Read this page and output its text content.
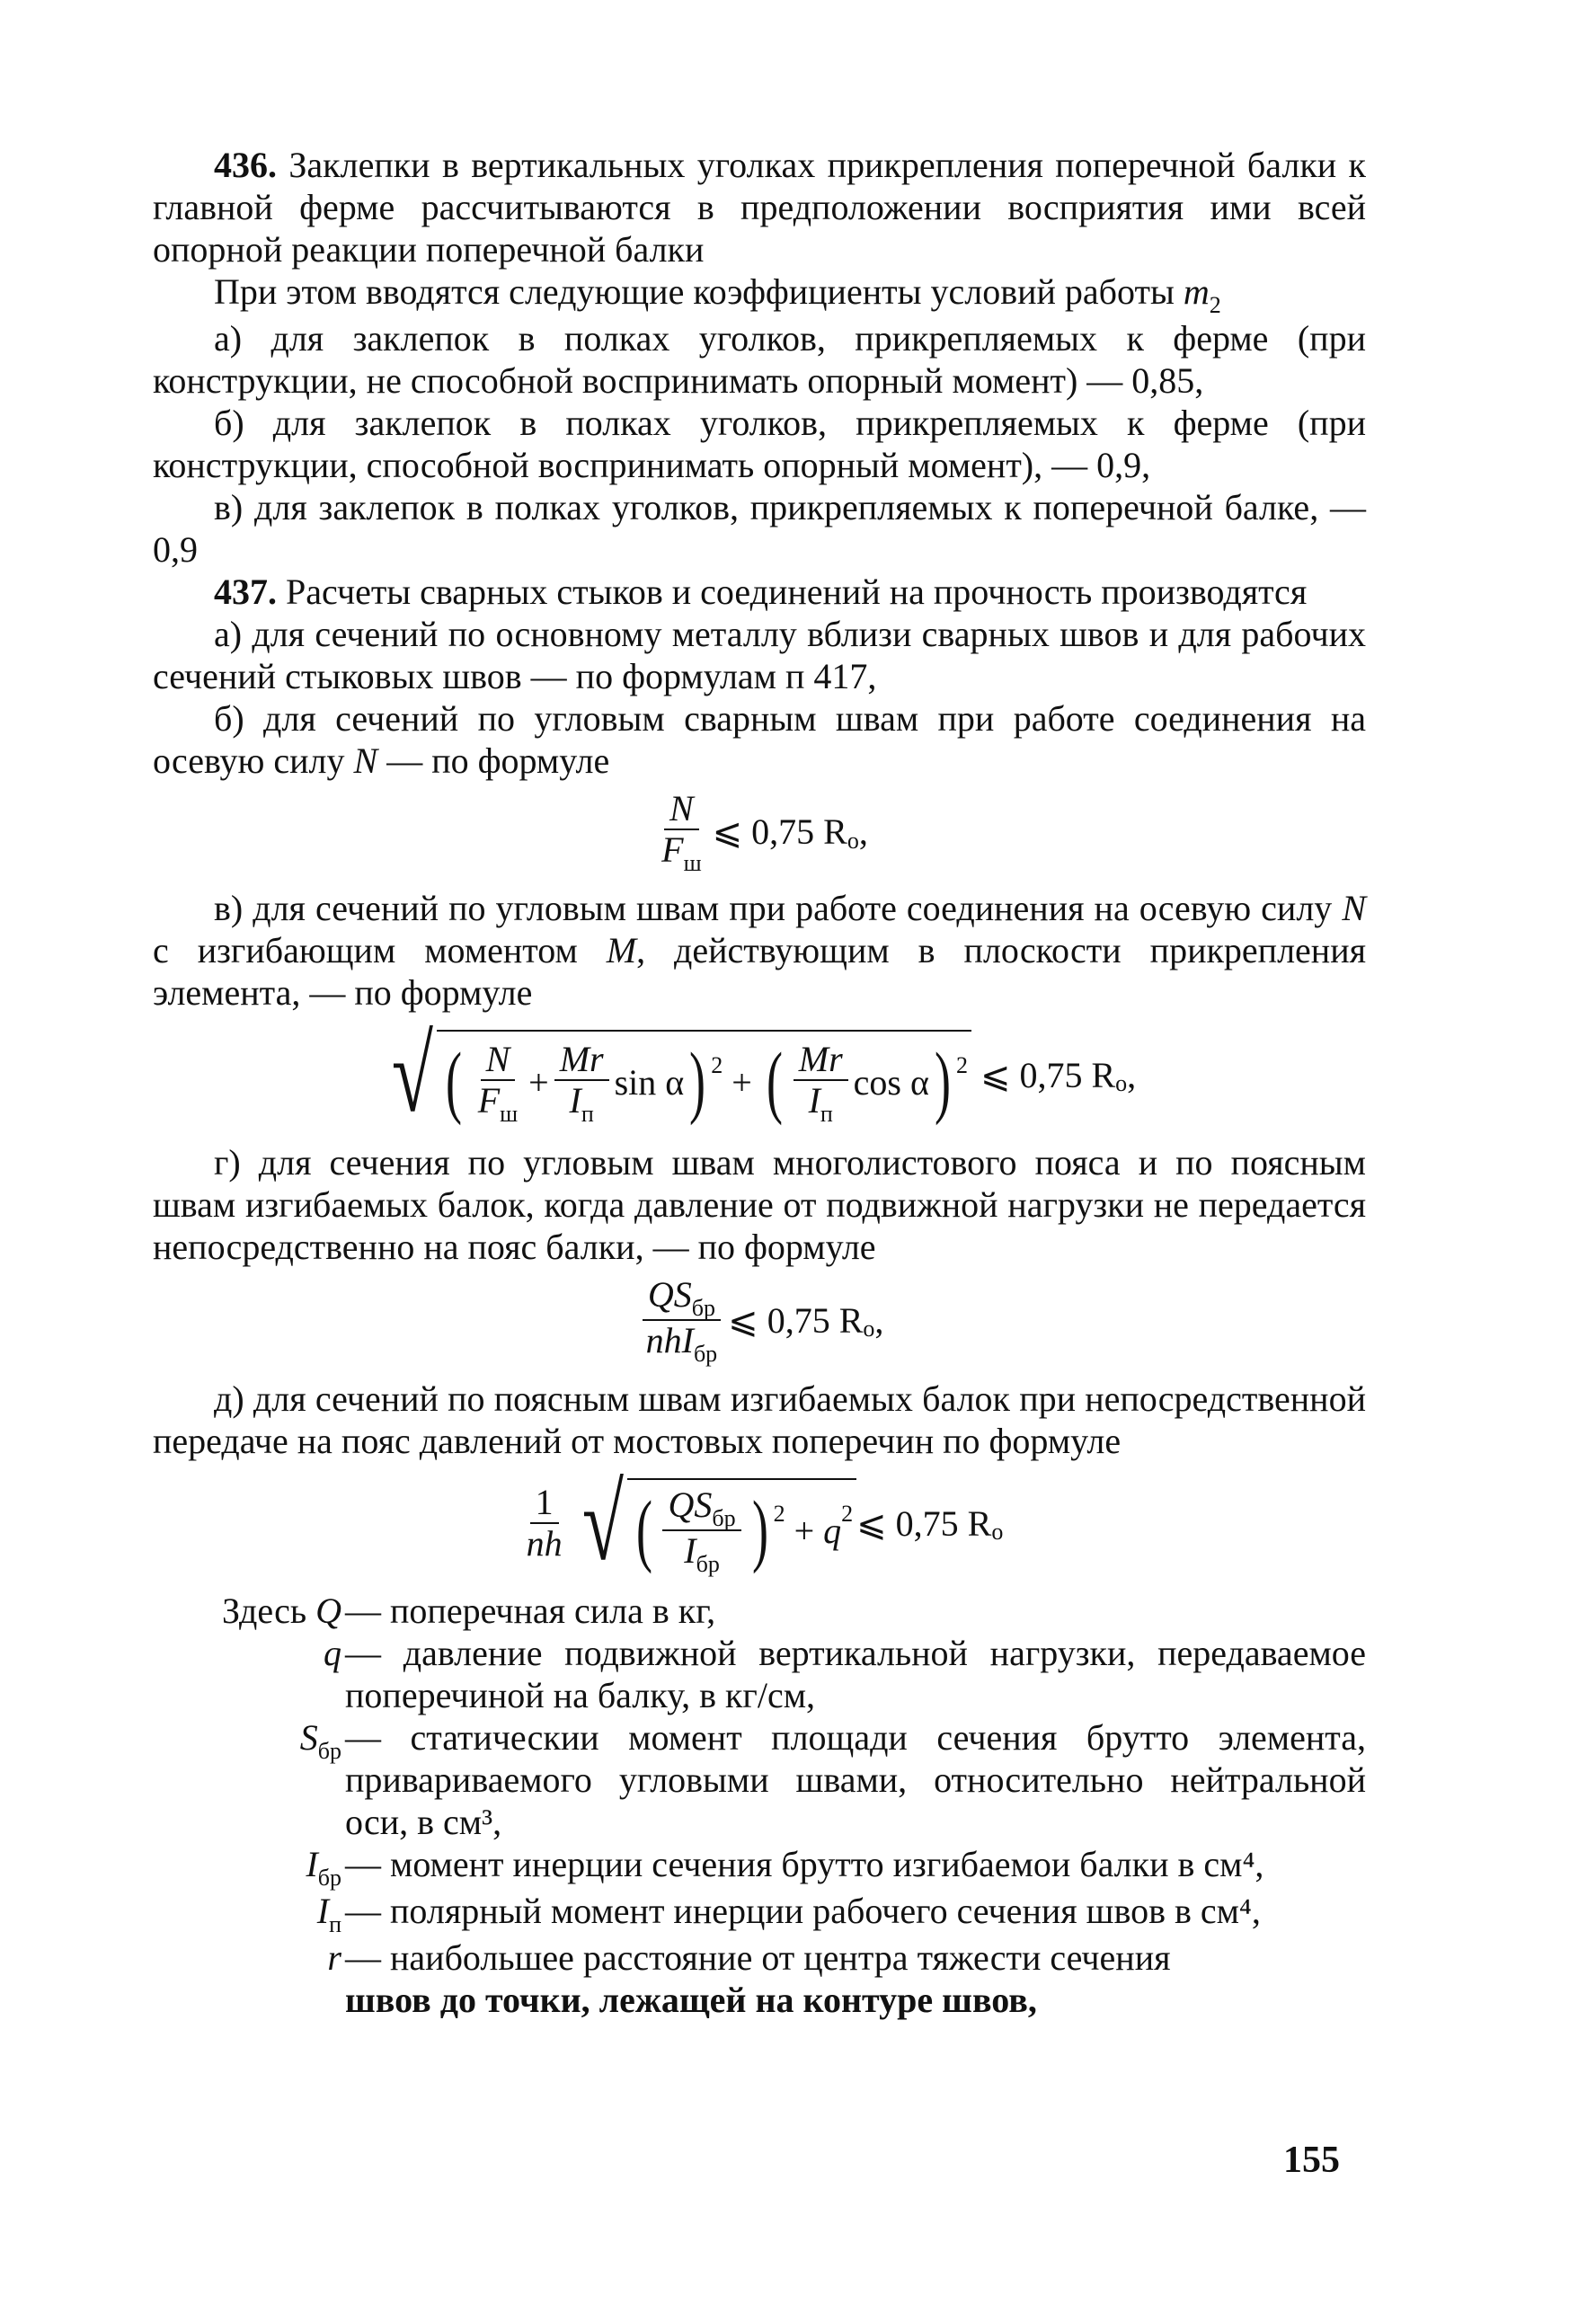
436. Заклепки в вертикальных уголках прикрепления поперечной балки к главной ферме рассчитываются в предположении восприятия ими всей опорной реакции поперечной балки

При этом вводятся следующие коэффициенты условий работы $m_2$

а) для заклепок в полках уголков, прикрепляемых к ферме (при конструкции, не способной воспринимать опорный момент) — 0,85,

б) для заклепок в полках уголков, прикрепляемых к ферме (при конструкции, способной воспринимать опорный момент), — 0,9,

в) для заклепок в полках уголков, прикрепляемых к поперечной балке, — 0,9

437. Расчеты сварных стыков и соединений на прочность производятся

а) для сечений по основному металлу вблизи сварных швов и для рабочих сечений стыковых швов — по формулам п 417,

б) для сечений по угловым сварным швам при работе соединения на осевую силу N — по формуле

$\frac{N}{F_ш}$ ⩽
0,75 R о ,

в) для сечений по угловым швам при работе соединения на осевую силу N с изгибающим моментом M, действующим в плоскости прикрепления элемента, — по формуле

√ ( $\frac{N}{F_ш} + \frac{Mr}{I_п}$ sin α ) 2
+
( $\frac{Mr}{I_п}$ cos α ) 2
⩽
0,75 R о ,

г) для сечения по угловым швам многолистового пояса и по поясным швам изгибаемых балок, когда давление от подвижной нагрузки не передается непосредственно на пояс балки, — по формуле

$\frac{QS_{бр}}{nhI_{бр}}$ ⩽
0,75 R о ,

д) для сечений по поясным швам изгибаемых балок при непосредственной передаче на пояс давлений от мостовых поперечин по формуле

$\frac{1}{nh}$ √ ( $\frac{QS_{бр}}{I_{бр}}$ ) 2
+
q 2 ⩽
0,75 R о
Здесь Q — поперечная сила в кг,
q — давление подвижной вертикальной нагрузки, передаваемое поперечиной на балку, в кг/см,
$S_{бр}$ — статическии момент площади сечения брутто элемента, привариваемого угловыми швами, относительно нейтральной оси, в см³,
$I_{бр}$ — момент инерции сечения брутто изгибаемои балки в см⁴,
$I_п$ — полярный момент инерции рабочего сечения швов в см⁴,
r — наибольшее расстояние от центра тяжести сечения
швов до точки, лежащей на контуре швов,
155
